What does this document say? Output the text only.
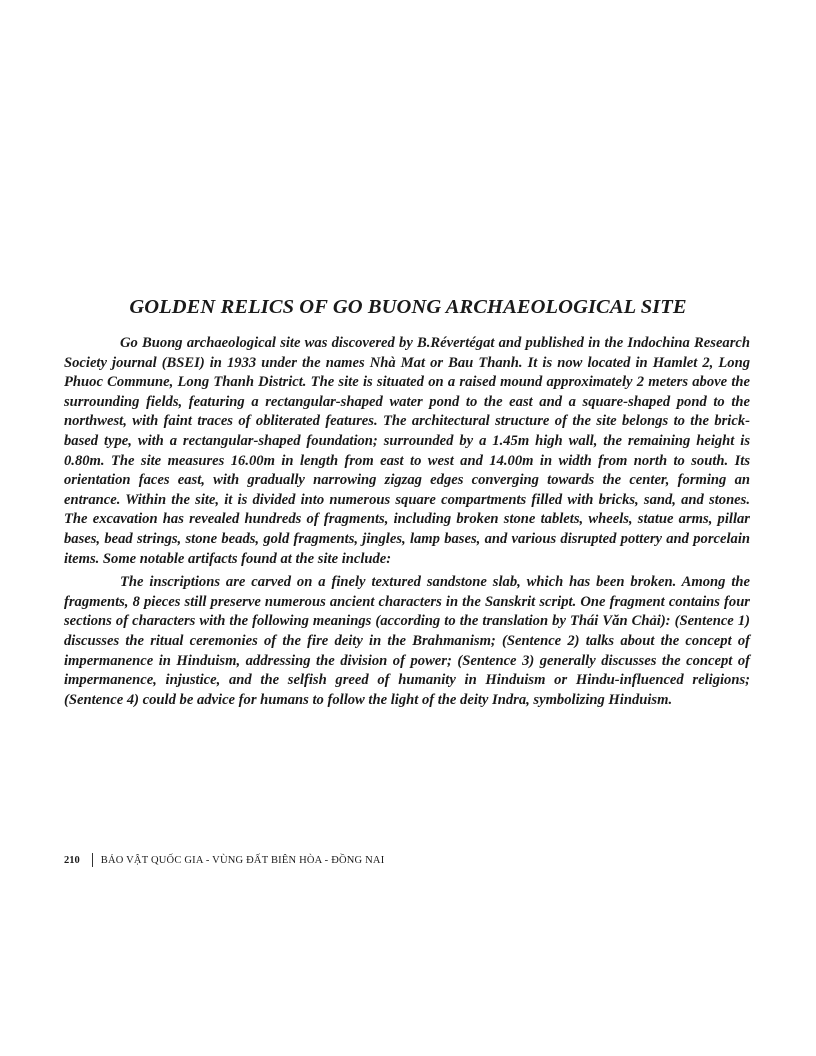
GOLDEN RELICS OF GO BUONG ARCHAEOLOGICAL SITE

Go Buong archaeological site was discovered by B.Révertégat and published in the Indochina Research Society journal (BSEI) in 1933 under the names Nhà Mat or Bau Thanh. It is now located in Hamlet 2, Long Phuoc Commune, Long Thanh District. The site is situated on a raised mound approximately 2 meters above the surrounding fields, featuring a rectangular-shaped water pond to the east and a square-shaped pond to the northwest, with faint traces of obliterated features. The architectural structure of the site belongs to the brick-based type, with a rectangular-shaped foundation; surrounded by a 1.45m high wall, the remaining height is 0.80m. The site measures 16.00m in length from east to west and 14.00m in width from north to south. Its orientation faces east, with gradually narrowing zigzag edges converging towards the center, forming an entrance. Within the site, it is divided into numerous square compartments filled with bricks, sand, and stones. The excavation has revealed hundreds of fragments, including broken stone tablets, wheels, statue arms, pillar bases, bead strings, stone beads, gold fragments, jingles, lamp bases, and various disrupted pottery and porcelain items. Some notable artifacts found at the site include:

The inscriptions are carved on a finely textured sandstone slab, which has been broken. Among the fragments, 8 pieces still preserve numerous ancient characters in the Sanskrit script. One fragment contains four sections of characters with the following meanings (according to the translation by Thái Văn Chải): (Sentence 1) discusses the ritual ceremonies of the fire deity in the Brahmanism; (Sentence 2) talks about the concept of impermanence in Hinduism, addressing the division of power; (Sentence 3) generally discusses the concept of impermanence, injustice, and the selfish greed of humanity in Hinduism or Hindu-influenced religions; (Sentence 4) could be advice for humans to follow the light of the deity Indra, symbolizing Hinduism.

210 BẢO VẬT QUỐC GIA - VÙNG ĐẤT BIÊN HÒA - ĐỒNG NAI
